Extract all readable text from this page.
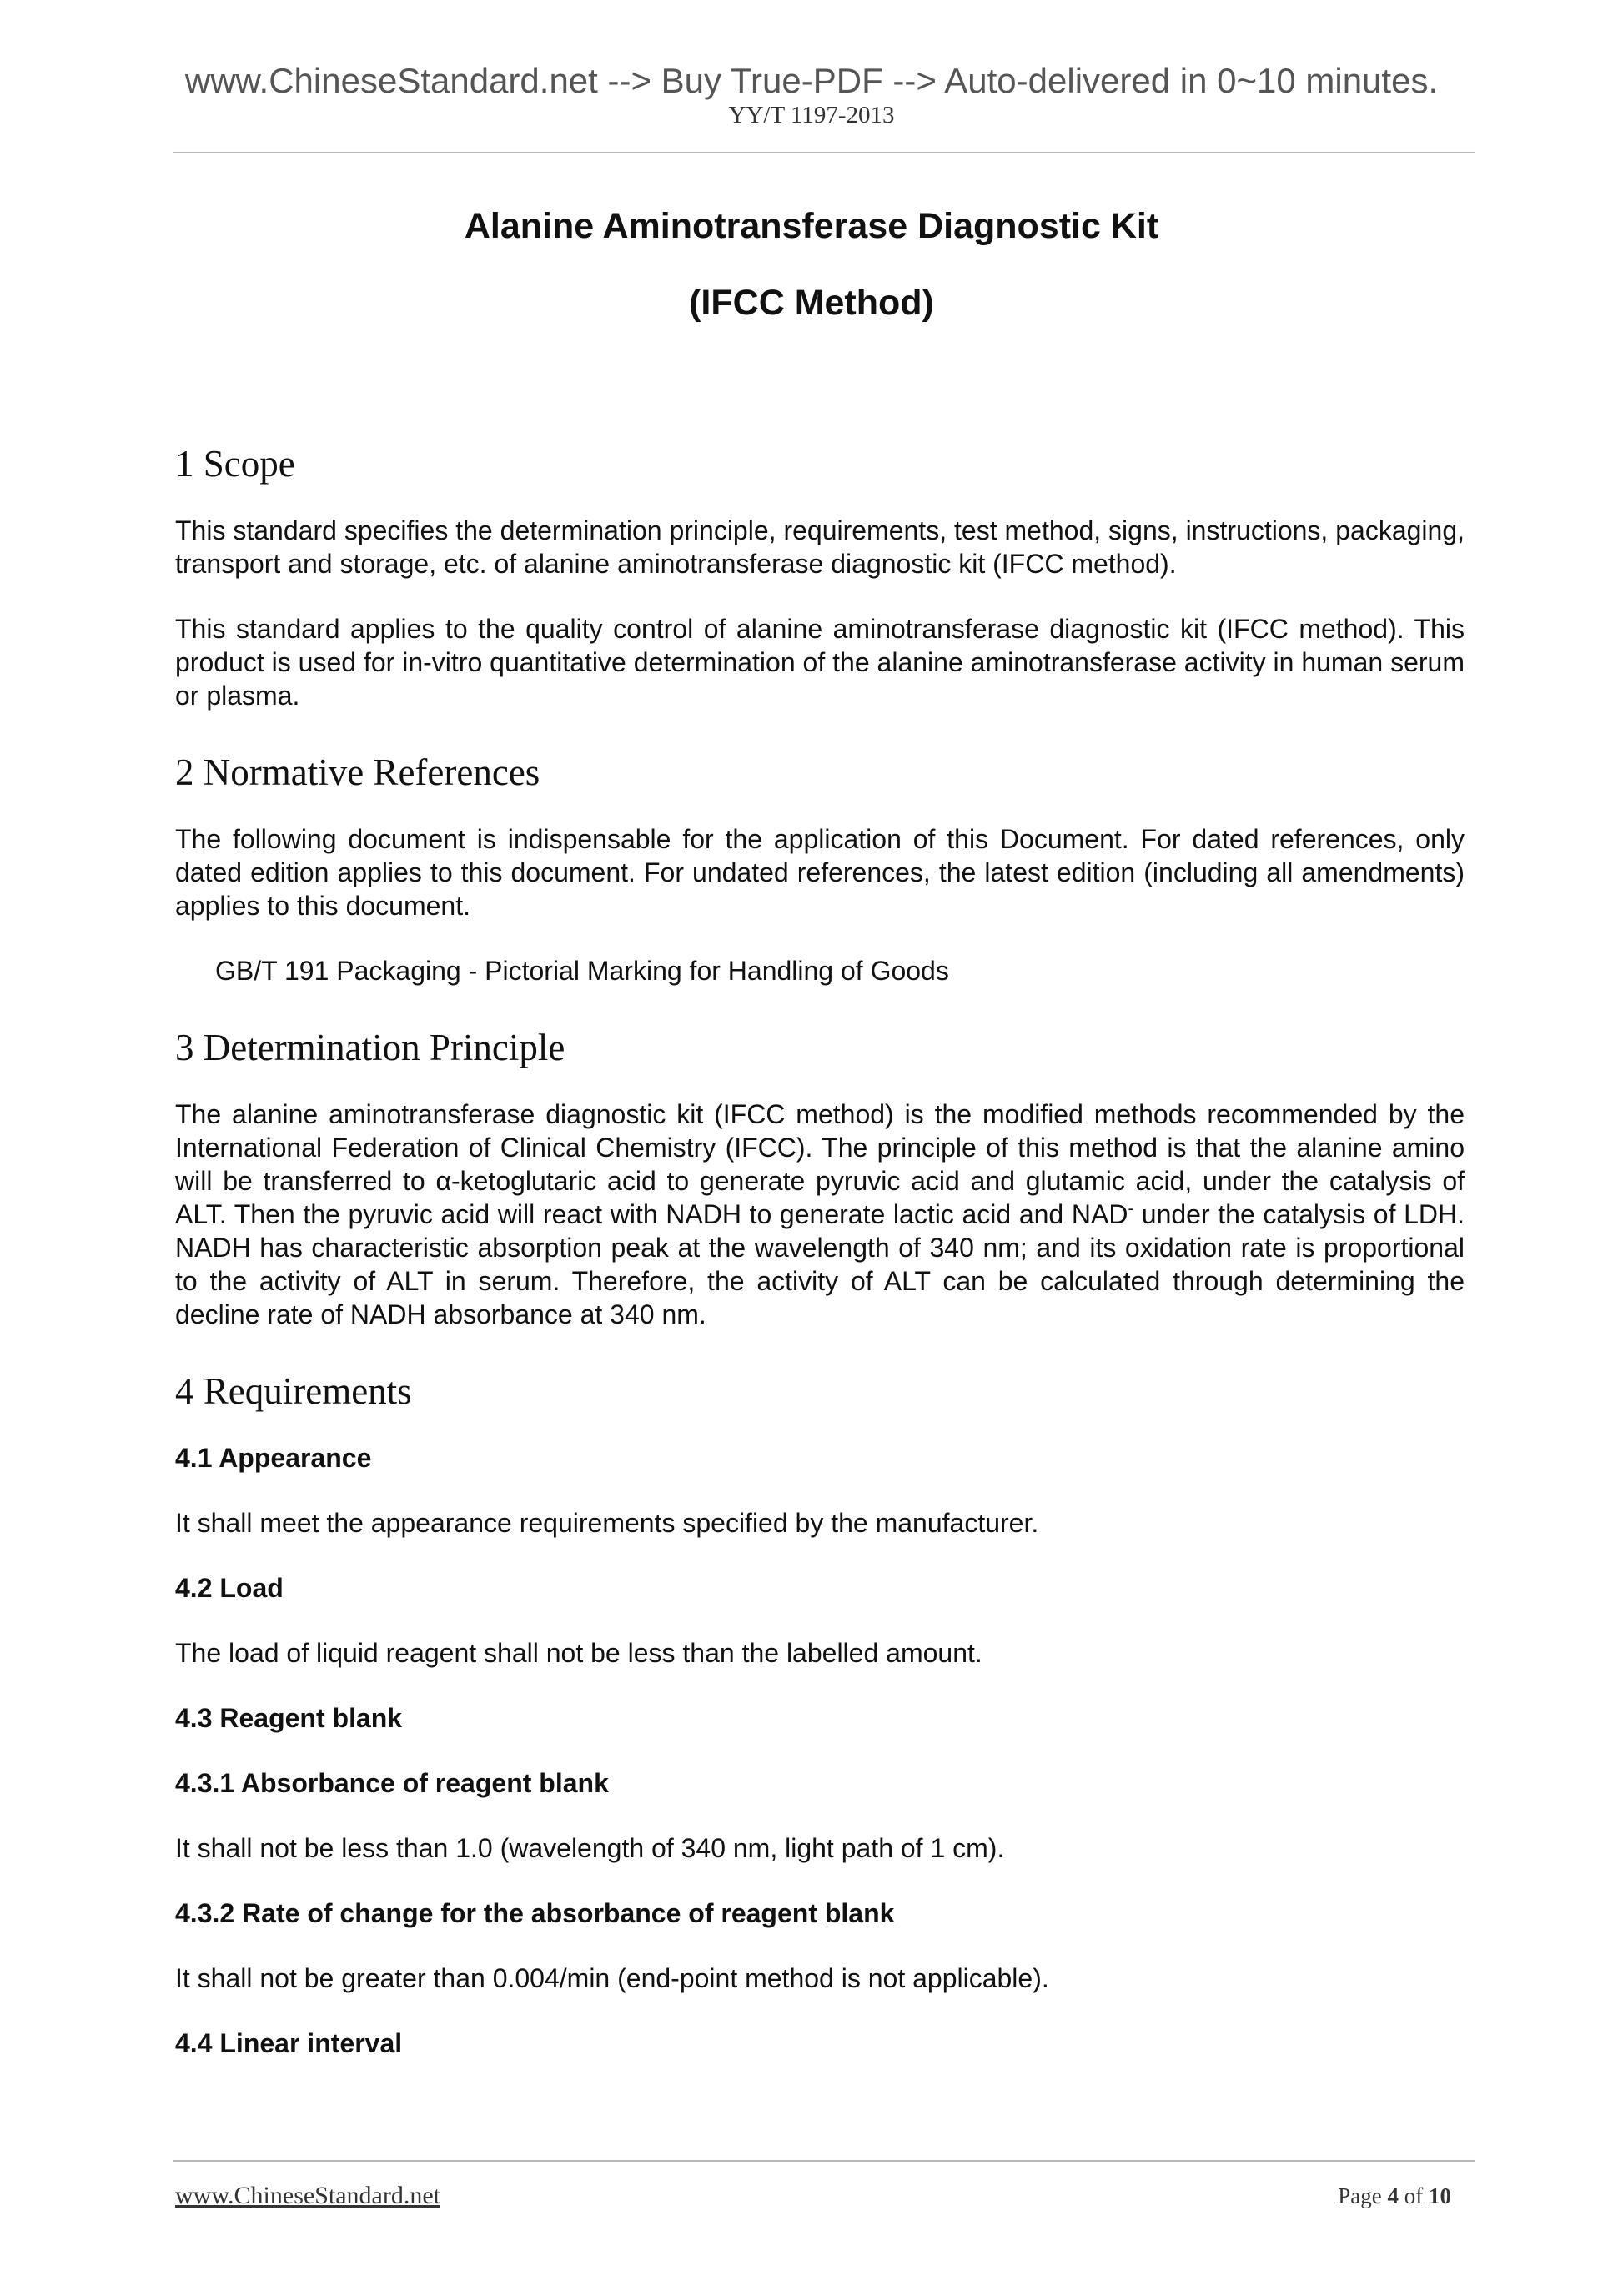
www.ChineseStandard.net --> Buy True-PDF --> Auto-delivered in 0~10 minutes.
YY/T 1197-2013
Alanine Aminotransferase Diagnostic Kit
(IFCC Method)
1 Scope
This standard specifies the determination principle, requirements, test method, signs, instructions, packaging, transport and storage, etc. of alanine aminotransferase diagnostic kit (IFCC method).
This standard applies to the quality control of alanine aminotransferase diagnostic kit (IFCC method). This product is used for in-vitro quantitative determination of the alanine aminotransferase activity in human serum or plasma.
2 Normative References
The following document is indispensable for the application of this Document. For dated references, only dated edition applies to this document. For undated references, the latest edition (including all amendments) applies to this document.
GB/T 191 Packaging - Pictorial Marking for Handling of Goods
3 Determination Principle
The alanine aminotransferase diagnostic kit (IFCC method) is the modified methods recommended by the International Federation of Clinical Chemistry (IFCC). The principle of this method is that the alanine amino will be transferred to α-ketoglutaric acid to generate pyruvic acid and glutamic acid, under the catalysis of ALT. Then the pyruvic acid will react with NADH to generate lactic acid and NAD- under the catalysis of LDH. NADH has characteristic absorption peak at the wavelength of 340 nm; and its oxidation rate is proportional to the activity of ALT in serum. Therefore, the activity of ALT can be calculated through determining the decline rate of NADH absorbance at 340 nm.
4 Requirements
4.1 Appearance
It shall meet the appearance requirements specified by the manufacturer.
4.2 Load
The load of liquid reagent shall not be less than the labelled amount.
4.3 Reagent blank
4.3.1 Absorbance of reagent blank
It shall not be less than 1.0 (wavelength of 340 nm, light path of 1 cm).
4.3.2 Rate of change for the absorbance of reagent blank
It shall not be greater than 0.004/min (end-point method is not applicable).
4.4 Linear interval
www.ChineseStandard.net	Page 4 of 10
